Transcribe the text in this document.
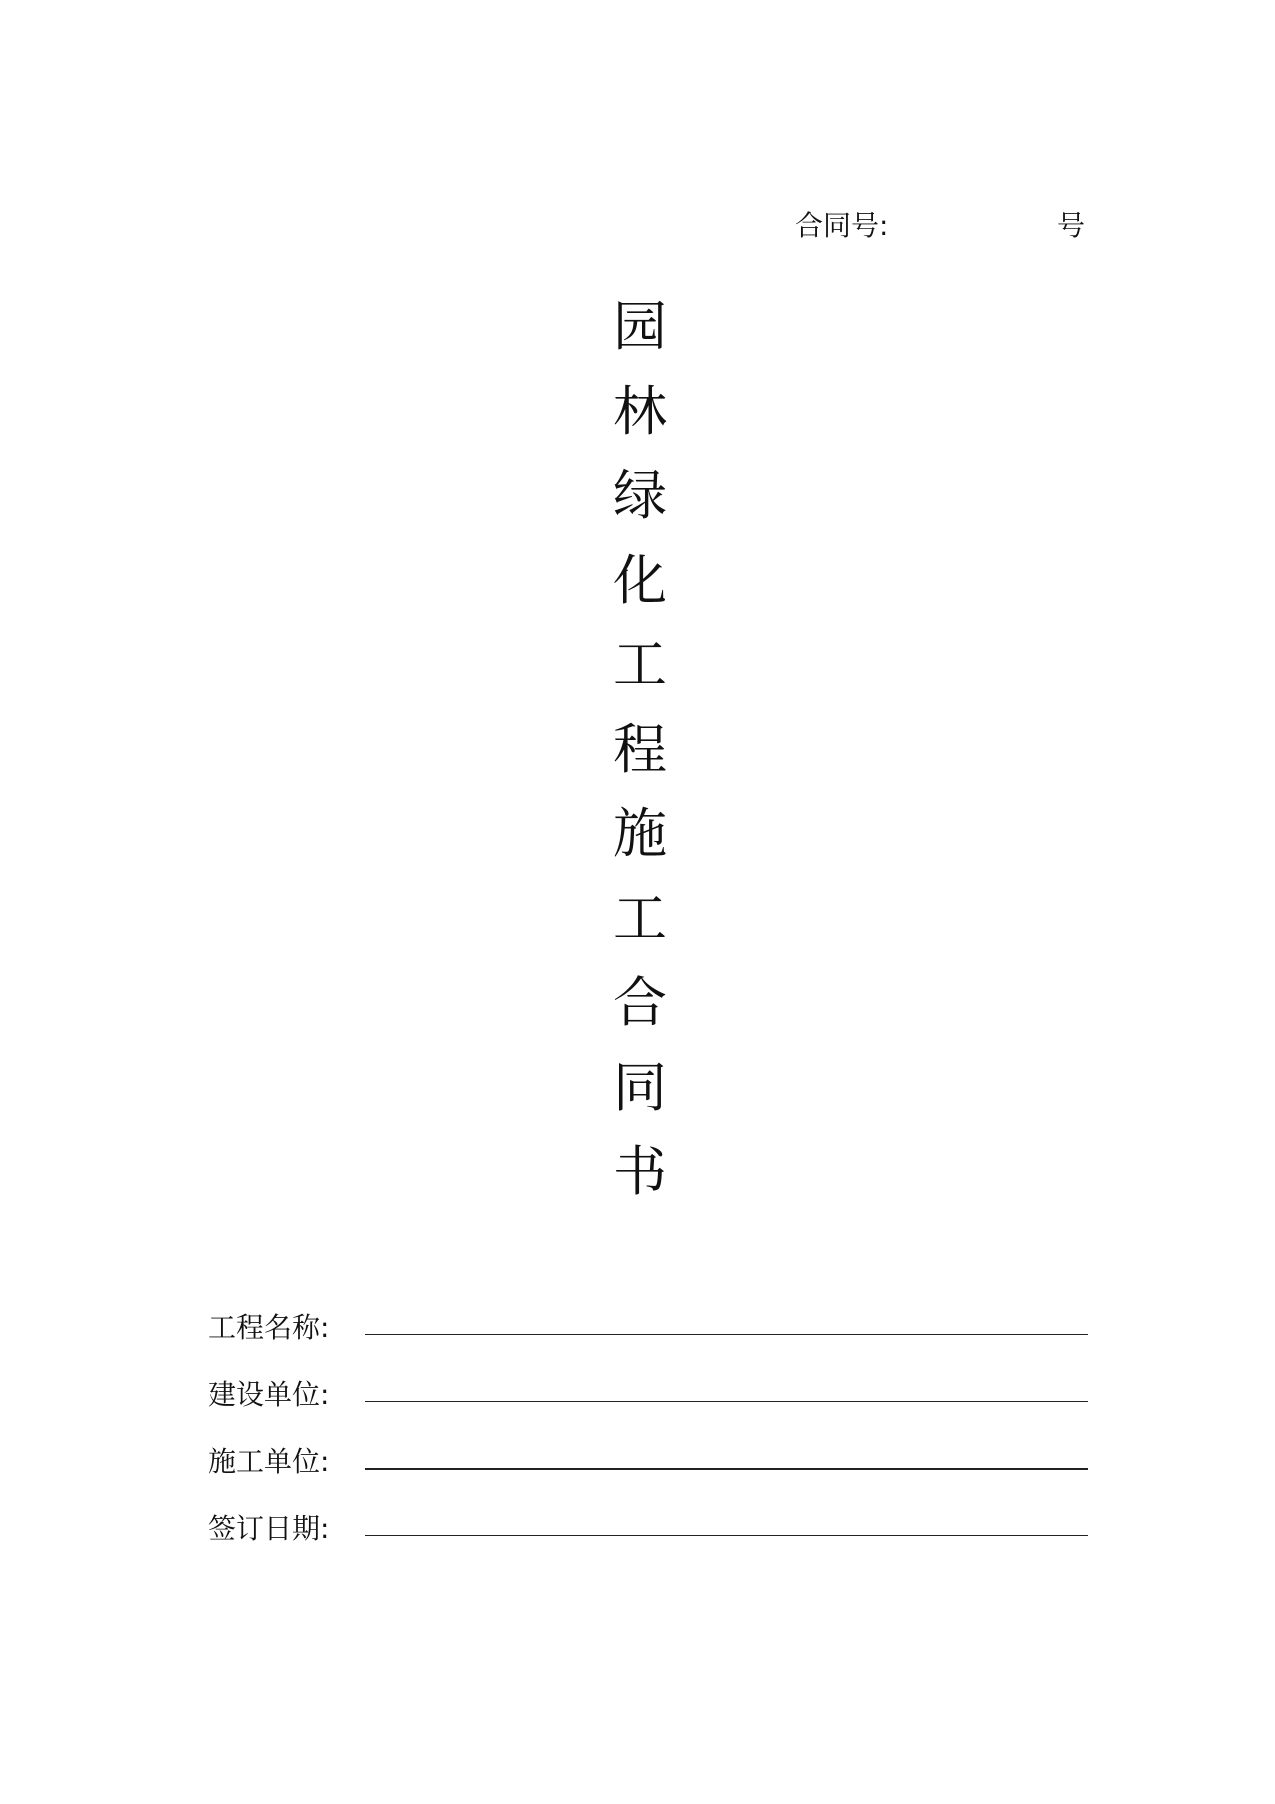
合同号:	号
园
林
绿
化
工
程
施
工
合
同
书
工程名称:
建设单位:
施工单位:
签订日期:
